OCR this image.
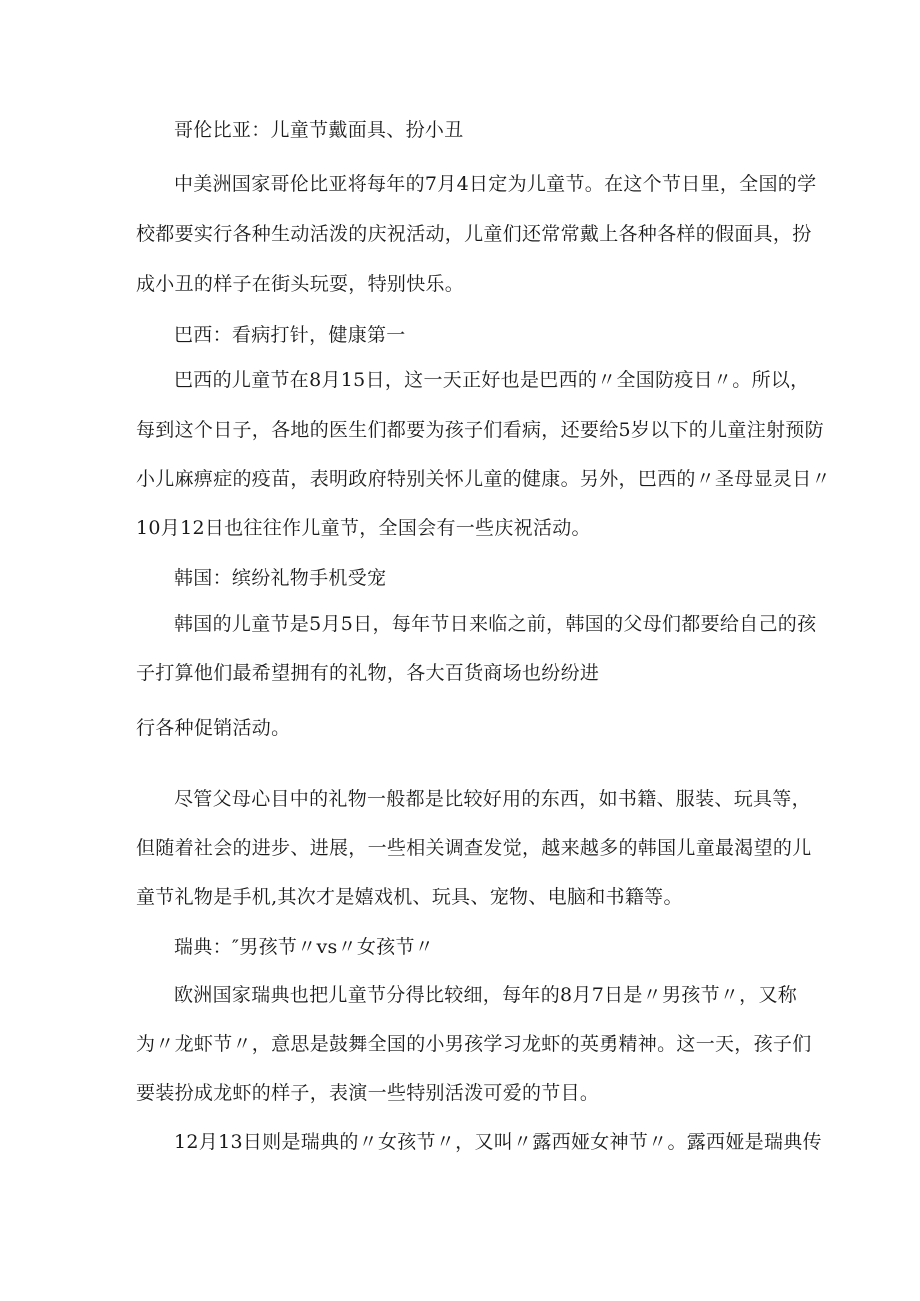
哥伦比亚：儿童节戴面具、扮小丑
中美洲国家哥伦比亚将每年的7月4日定为儿童节。在这个节日里，全国的学
校都要实行各种生动活泼的庆祝活动，儿童们还常常戴上各种各样的假面具，扮
成小丑的样子在街头玩耍，特别快乐。
巴西：看病打针，健康第一
巴西的儿童节在8月15日，这一天正好也是巴西的〃全国防疫日〃。所以，
每到这个日子，各地的医生们都要为孩子们看病，还要给5岁以下的儿童注射预防
小儿麻痹症的疫苗，表明政府特别关怀儿童的健康。另外，巴西的〃圣母显灵日〃
10月12日也往往作儿童节，全国会有一些庆祝活动。
韩国：缤纷礼物手机受宠
韩国的儿童节是5月5日，每年节日来临之前，韩国的父母们都要给自己的孩
子打算他们最希望拥有的礼物，各大百货商场也纷纷进
行各种促销活动。
尽管父母心目中的礼物一般都是比较好用的东西，如书籍、服装、玩具等，
但随着社会的进步、进展，一些相关调查发觉，越来越多的韩国儿童最渴望的儿
童节礼物是手机,其次才是嬉戏机、玩具、宠物、电脑和书籍等。
瑞典：″男孩节〃vs〃女孩节〃
欧洲国家瑞典也把儿童节分得比较细，每年的8月7日是〃男孩节〃，又称
为〃龙虾节〃，意思是鼓舞全国的小男孩学习龙虾的英勇精神。这一天，孩子们
要装扮成龙虾的样子，表演一些特别活泼可爱的节目。
12月13日则是瑞典的〃女孩节〃，又叫〃露西娅女神节〃。露西娅是瑞典传
